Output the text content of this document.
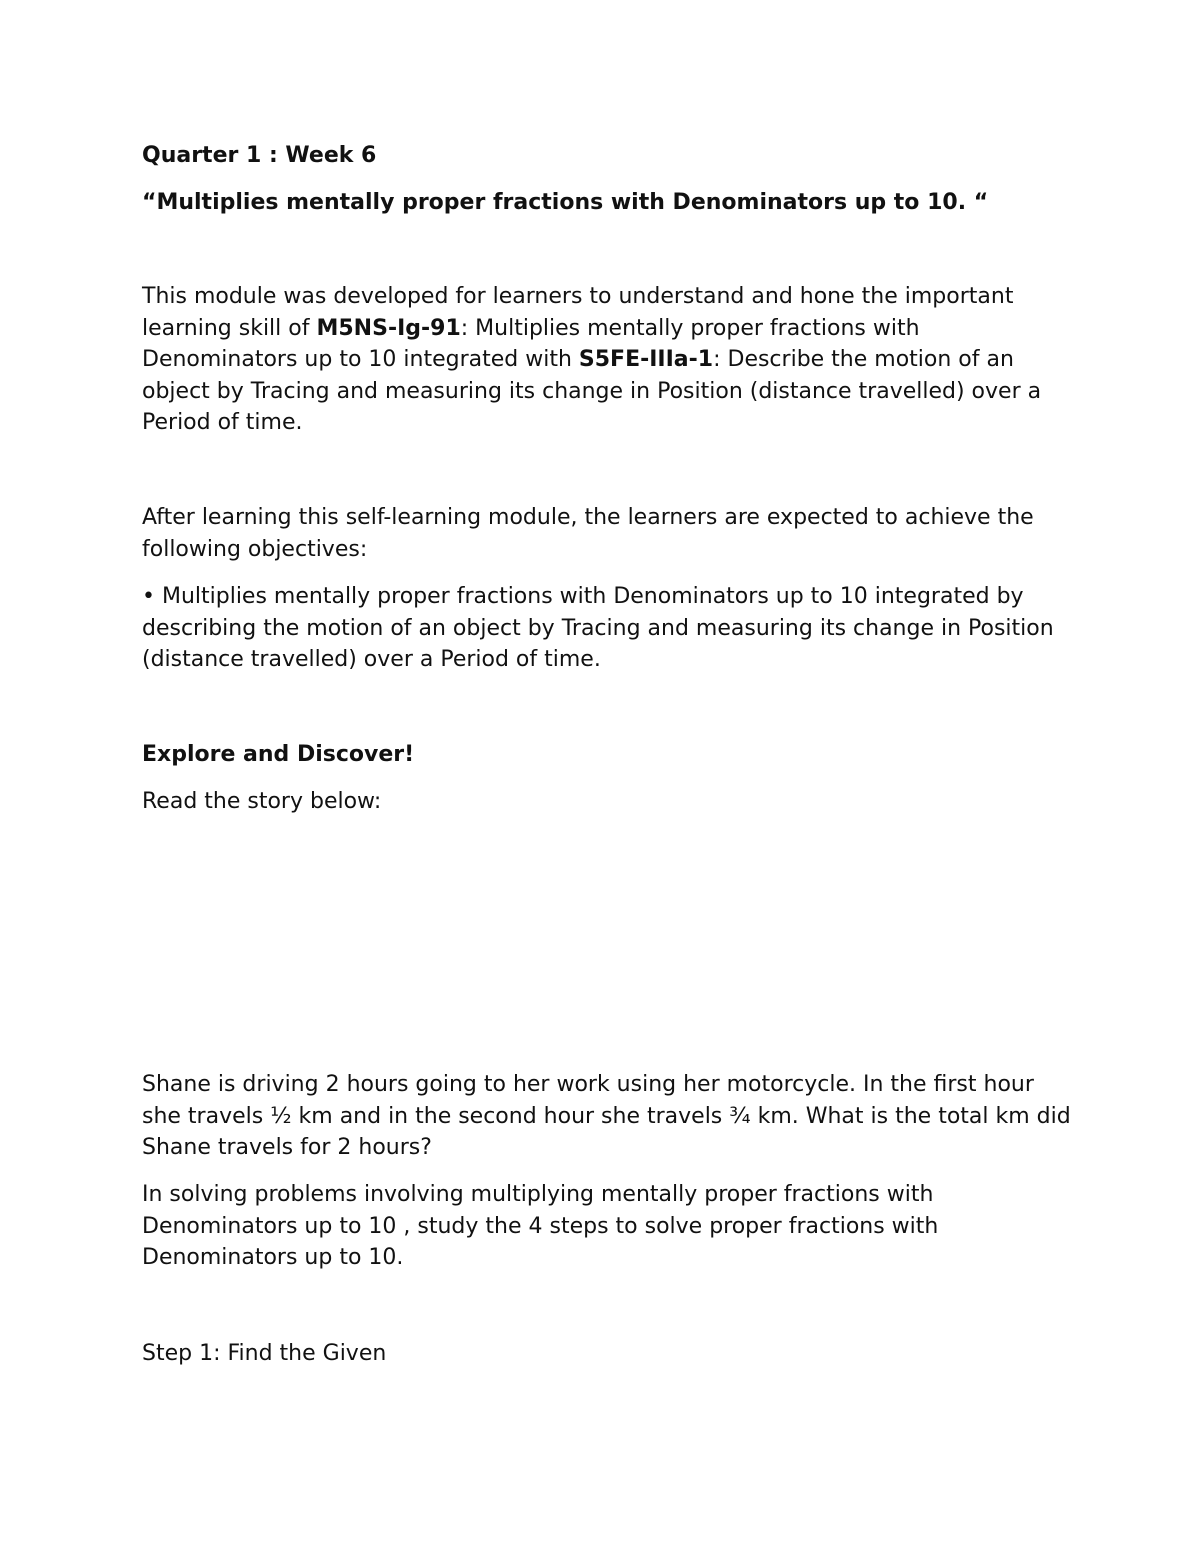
Quarter 1 : Week 6

“Multiplies mentally proper fractions with Denominators up to 10. “

This module was developed for learners to understand and hone the important learning skill of M5NS-Ig-91: Multiplies mentally proper fractions with Denominators up to 10 integrated with S5FE-IIIa-1: Describe the motion of an object by Tracing and measuring its change in Position (distance travelled) over a Period of time.

After learning this self-learning module, the learners are expected to achieve the following objectives:

• Multiplies mentally proper fractions with Denominators up to 10 integrated by describing the motion of an object by Tracing and measuring its change in Position (distance travelled) over a Period of time.

Explore and Discover!

Read the story below:

Shane is driving 2 hours going to her work using her motorcycle. In the first hour she travels ½ km and in the second hour she travels ¾ km. What is the total km did Shane travels for 2 hours?

In solving problems involving multiplying mentally proper fractions with Denominators up to 10 , study the 4 steps to solve proper fractions with Denominators up to 10.

Step 1: Find the Given
